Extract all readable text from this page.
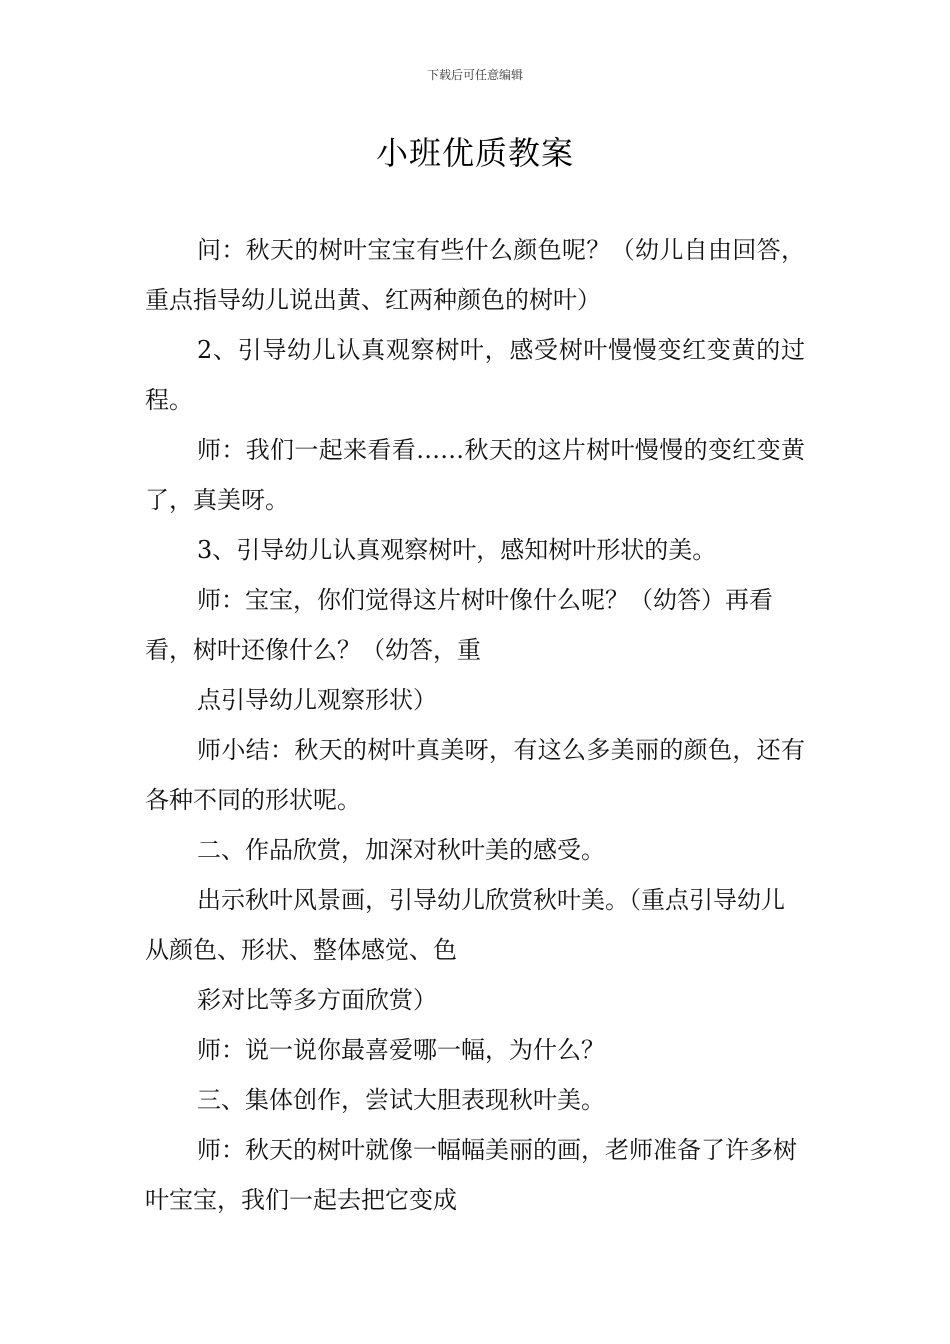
下载后可任意编辑
小班优质教案

问：秋天的树叶宝宝有些什么颜色呢？（幼儿自由回答，重点指导幼儿说出黄、红两种颜色的树叶）

2、引导幼儿认真观察树叶，感受树叶慢慢变红变黄的过程。

师：我们一起来看看……秋天的这片树叶慢慢的变红变黄了，真美呀。

3、引导幼儿认真观察树叶，感知树叶形状的美。

师：宝宝，你们觉得这片树叶像什么呢？（幼答）再看看，树叶还像什么？（幼答，重

点引导幼儿观察形状）

师小结：秋天的树叶真美呀，有这么多美丽的颜色，还有各种不同的形状呢。

二、作品欣赏，加深对秋叶美的感受。

出示秋叶风景画，引导幼儿欣赏秋叶美。（重点引导幼儿从颜色、形状、整体感觉、色

彩对比等多方面欣赏）

师：说一说你最喜爱哪一幅，为什么？

三、集体创作，尝试大胆表现秋叶美。

师：秋天的树叶就像一幅幅美丽的画，老师准备了许多树叶宝宝，我们一起去把它变成
